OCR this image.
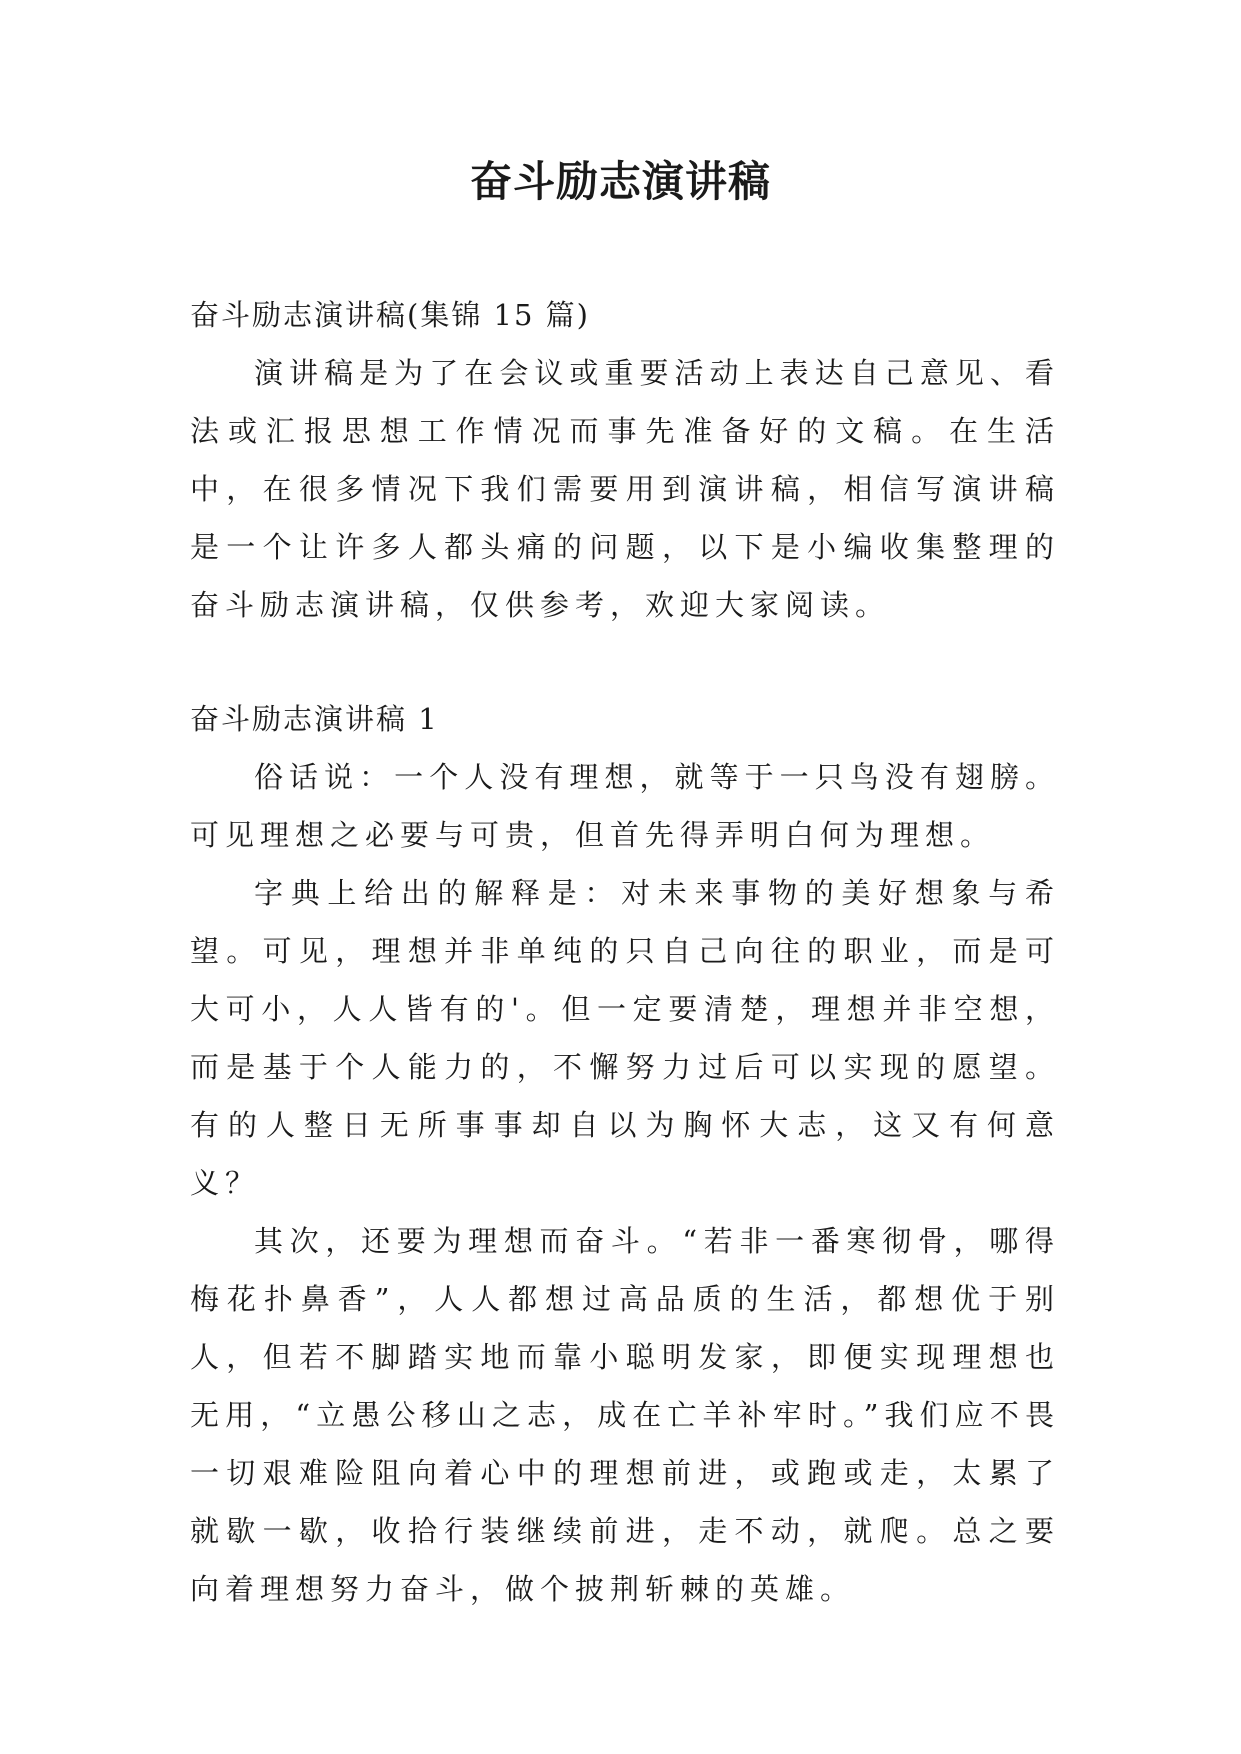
奋斗励志演讲稿

奋斗励志演讲稿(集锦 15 篇)

演讲稿是为了在会议或重要活动上表达自己意见、看法或汇报思想工作情况而事先准备好的文稿。在生活中，在很多情况下我们需要用到演讲稿，相信写演讲稿是一个让许多人都头痛的问题，以下是小编收集整理的奋斗励志演讲稿，仅供参考，欢迎大家阅读。

奋斗励志演讲稿 1

俗话说：一个人没有理想，就等于一只鸟没有翅膀。可见理想之必要与可贵，但首先得弄明白何为理想。

字典上给出的解释是：对未来事物的美好想象与希望。可见，理想并非单纯的只自己向往的职业，而是可大可小，人人皆有的'。但一定要清楚，理想并非空想，而是基于个人能力的，不懈努力过后可以实现的愿望。有的人整日无所事事却自以为胸怀大志，这又有何意义？

其次，还要为理想而奋斗。“若非一番寒彻骨，哪得梅花扑鼻香”，人人都想过高品质的生活，都想优于别人，但若不脚踏实地而靠小聪明发家，即便实现理想也无用，“立愚公移山之志，成在亡羊补牢时。”我们应不畏一切艰难险阻向着心中的理想前进，或跑或走，太累了就歇一歇，收拾行装继续前进，走不动，就爬。总之要向着理想努力奋斗，做个披荆斩棘的英雄。
